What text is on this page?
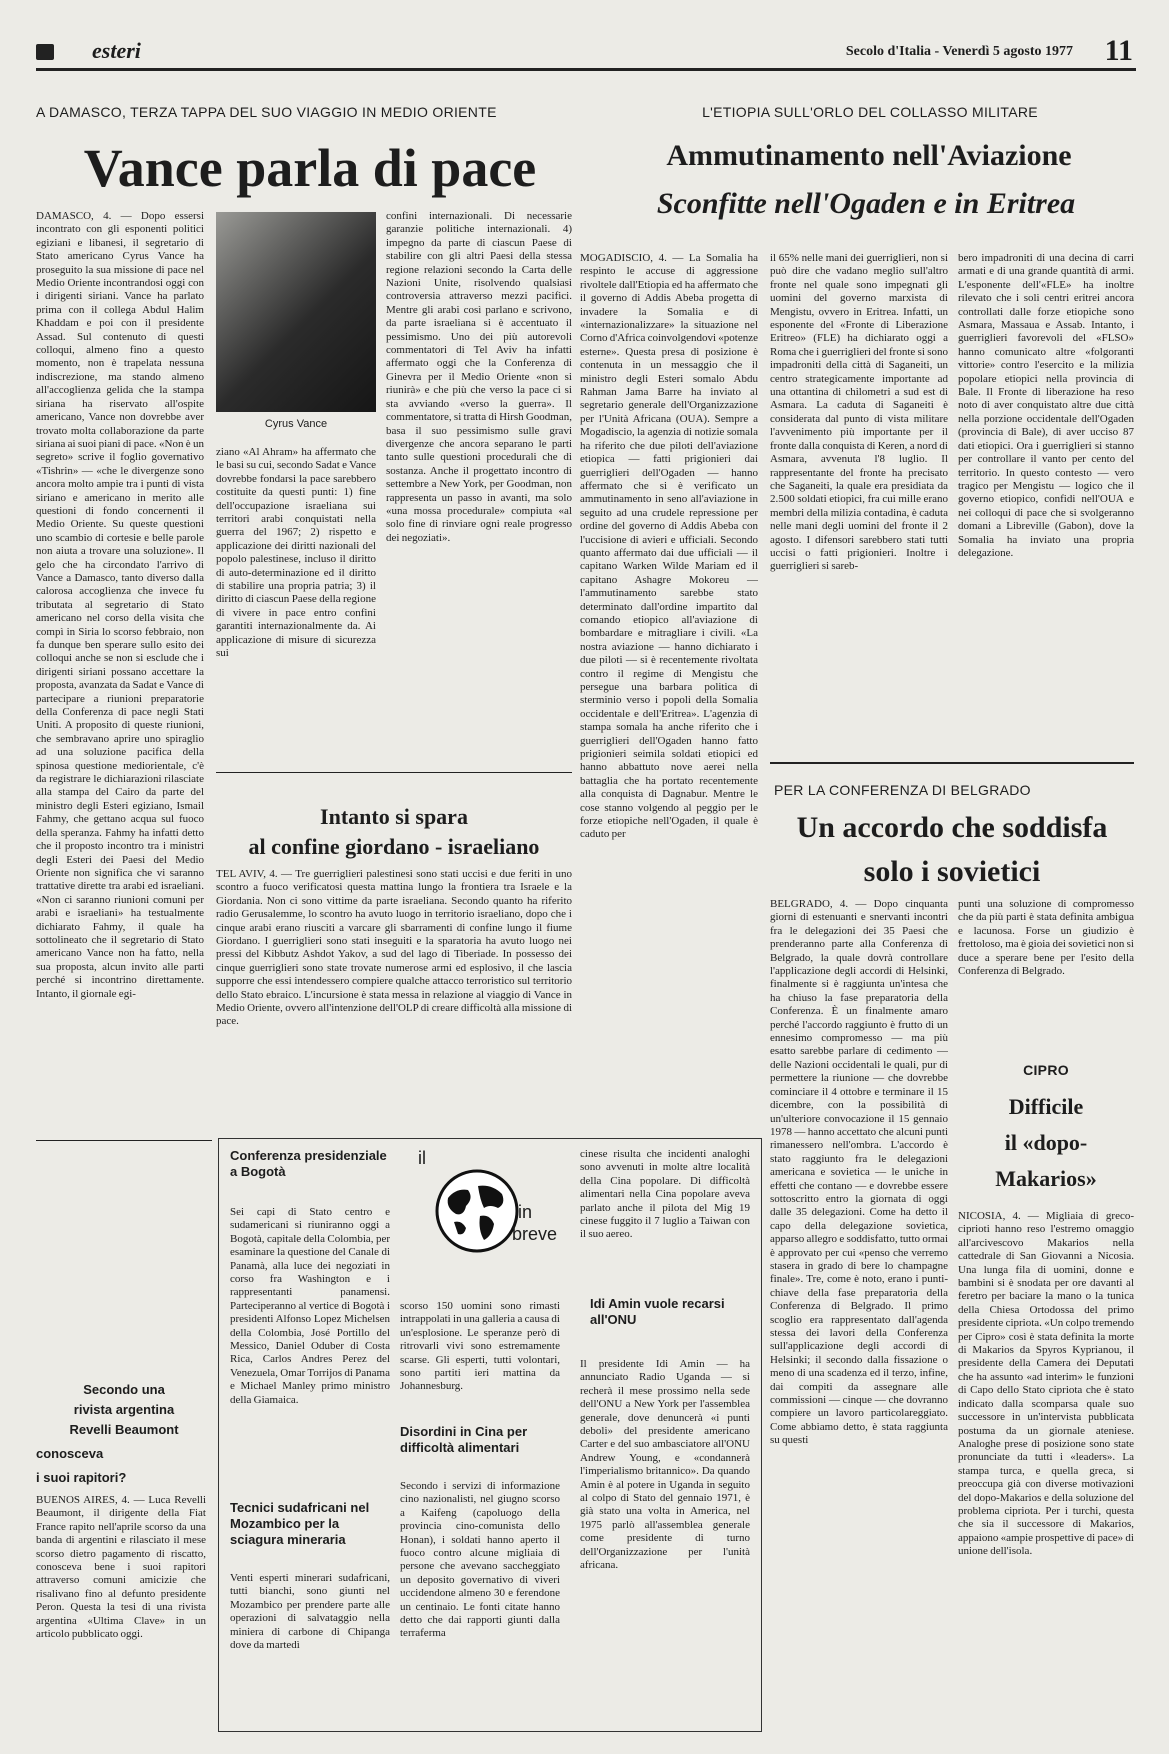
esteri	Secolo d'Italia - Venerdì 5 agosto 1977 11
A DAMASCO, TERZA TAPPA DEL SUO VIAGGIO IN MEDIO ORIENTE
Vance parla di pace
DAMASCO, 4. — Dopo essersi incontrato con gli esponenti politici egiziani e libanesi, il segretario di Stato americano Cyrus Vance ha proseguito la sua missione di pace nel Medio Oriente incontrandosi oggi con i dirigenti siriani. Vance ha parlato prima con il collega Abdul Halim Khaddam e poi con il presidente Assad. Sul contenuto di questi colloqui, almeno fino a questo momento, non è trapelata nessuna indiscrezione, ma stando almeno all'accoglienza gelida che la stampa siriana ha riservato all'ospite americano, Vance non dovrebbe aver trovato molta collaborazione da parte siriana ai suoi piani di pace. «Non è un segreto» scrive il foglio governativo «Tishrin» — «che le divergenze sono ancora molto ampie tra i punti di vista siriano e americano in merito alle questioni di fondo concernenti il Medio Oriente. Su queste questioni uno scambio di cortesie e belle parole non aiuta a trovare una soluzione». Il gelo che ha circondato l'arrivo di Vance a Damasco, tanto diverso dalla calorosa accoglienza che invece fu tributata al segretario di Stato americano nel corso della visita che compì in Siria lo scorso febbraio, non fa dunque ben sperare sullo esito dei colloqui anche se non si esclude che i dirigenti siriani possano accettare la proposta, avanzata da Sadat e Vance di partecipare a riunioni preparatorie della Conferenza di pace negli Stati Uniti. A proposito di queste riunioni, che sembravano aprire uno spiraglio ad una soluzione pacifica della spinosa questione mediorientale, c'è da registrare le dichiarazioni rilasciate alla stampa del Cairo da parte del ministro degli Esteri egiziano, Ismail Fahmy, che gettano acqua sul fuoco della speranza. Fahmy ha infatti detto che il proposto incontro tra i ministri degli Esteri dei Paesi del Medio Oriente non significa che vi saranno trattative dirette tra arabi ed israeliani. «Non ci saranno riunioni comuni per arabi e israeliani» ha testualmente dichiarato Fahmy, il quale ha sottolineato che il segretario di Stato americano Vance non ha fatto, nella sua proposta, alcun invito alle parti perché si incontrino direttamente. Intanto, il giornale egi-
Cyrus Vance
ziano «Al Ahram» ha affermato che le basi su cui, secondo Sadat e Vance dovrebbe fondarsi la pace sarebbero costituite da questi punti: 1) fine dell'occupazione israeliana sui territori arabi conquistati nella guerra del 1967; 2) rispetto e applicazione dei diritti nazionali del popolo palestinese, incluso il diritto di auto-determinazione ed il diritto di stabilire una propria patria; 3) il diritto di ciascun Paese della regione di vivere in pace entro confini garantiti internazionalmente da. Ai applicazione di misure di sicurezza sui
confini internazionali. Di necessarie garanzie politiche internazionali. 4) impegno da parte di ciascun Paese di stabilire con gli altri Paesi della stessa regione relazioni secondo la Carta delle Nazioni Unite, risolvendo qualsiasi controversia attraverso mezzi pacifici. Mentre gli arabi così parlano e scrivono, da parte israeliana si è accentuato il pessimismo. Uno dei più autorevoli commentatori di Tel Aviv ha infatti affermato oggi che la Conferenza di Ginevra per il Medio Oriente «non si riunirà» e che più che verso la pace ci si sta avviando «verso la guerra». Il commentatore, si tratta di Hirsh Goodman, basa il suo pessimismo sulle gravi divergenze che ancora separano le parti tanto sulle questioni procedurali che di sostanza. Anche il progettato incontro di settembre a New York, per Goodman, non rappresenta un passo in avanti, ma solo «una mossa procedurale» compiuta «al solo fine di rinviare ogni reale progresso dei negoziati».
Intanto si spara
al confine giordano - israeliano
TEL AVIV, 4. — Tre guerriglieri palestinesi sono stati uccisi e due feriti in uno scontro a fuoco verificatosi questa mattina lungo la frontiera tra Israele e la Giordania. Non ci sono vittime da parte israeliana. Secondo quanto ha riferito radio Gerusalemme, lo scontro ha avuto luogo in territorio israeliano, dopo che i cinque arabi erano riusciti a varcare gli sbarramenti di confine lungo il fiume Giordano. I guerriglieri sono stati inseguiti e la sparatoria ha avuto luogo nei pressi del Kibbutz Ashdot Yakov, a sud del lago di Tiberiade. In possesso dei cinque guerriglieri sono state trovate numerose armi ed esplosivo, il che lascia supporre che essi intendessero compiere qualche attacco terroristico sul territorio dello Stato ebraico. L'incursione è stata messa in relazione al viaggio di Vance in Medio Oriente, ovvero all'intenzione dell'OLP di creare difficoltà alla missione di pace.
Secondo una
rivista argentina
Revelli Beaumont
conosceva
i suoi rapitori?
BUENOS AIRES, 4. — Luca Revelli Beaumont, il dirigente della Fiat France rapito nell'aprile scorso da una banda di argentini e rilasciato il mese scorso dietro pagamento di riscatto, conosceva bene i suoi rapitori attraverso comuni amicizie che risalivano fino al defunto presidente Peron. Questa la tesi di una rivista argentina «Ultima Clave» in un articolo pubblicato oggi.
Conferenza presidenziale a Bogotà
Sei capi di Stato centro e sudamericani si riuniranno oggi a Bogotà, capitale della Colombia, per esaminare la questione del Canale di Panamà, alla luce dei negoziati in corso fra Washington e i rappresentanti panamensi. Parteciperanno al vertice di Bogotà i presidenti Alfonso Lopez Michelsen della Colombia, José Portillo del Messico, Daniel Oduber di Costa Rica, Carlos Andres Perez del Venezuela, Omar Torrijos di Panama e Michael Manley primo ministro della Giamaica.
Tecnici sudafricani nel Mozambico per la sciagura mineraria
Venti esperti minerari sudafricani, tutti bianchi, sono giunti nel Mozambico per prendere parte alle operazioni di salvataggio nella miniera di carbone di Chipanga dove da martedì
il
in
breve
scorso 150 uomini sono rimasti intrappolati in una galleria a causa di un'esplosione. Le speranze però di ritrovarli vivi sono estremamente scarse. Gli esperti, tutti volontari, sono partiti ieri mattina da Johannesburg.
Disordini in Cina per difficoltà alimentari
Secondo i servizi di informazione cino nazionalisti, nel giugno scorso a Kaifeng (capoluogo della provincia cino-comunista dello Honan), i soldati hanno aperto il fuoco contro alcune migliaia di persone che avevano saccheggiato un deposito governativo di viveri uccidendone almeno 30 e ferendone un centinaio. Le fonti citate hanno detto che dai rapporti giunti dalla terraferma
cinese risulta che incidenti analoghi sono avvenuti in molte altre località della Cina popolare. Di difficoltà alimentari nella Cina popolare aveva parlato anche il pilota del Mig 19 cinese fuggito il 7 luglio a Taiwan con il suo aereo.
Idi Amin vuole recarsi all'ONU
Il presidente Idi Amin — ha annunciato Radio Uganda — si recherà il mese prossimo nella sede dell'ONU a New York per l'assemblea generale, dove denuncerà «i punti deboli» del presidente americano Carter e del suo ambasciatore all'ONU Andrew Young, e «condannerà l'imperialismo britannico». Da quando Amin è al potere in Uganda in seguito al colpo di Stato del gennaio 1971, è già stato una volta in America, nel 1975 parlò all'assemblea generale come presidente di turno dell'Organizzazione per l'unità africana.
L'ETIOPIA SULL'ORLO DEL COLLASSO MILITARE
Ammutinamento nell'Aviazione
Sconfitte nell'Ogaden e in Eritrea
MOGADISCIO, 4. — La Somalia ha respinto le accuse di aggressione rivoltele dall'Etiopia ed ha affermato che il governo di Addis Abeba progetta di invadere la Somalia e di «internazionalizzare» la situazione nel Corno d'Africa coinvolgendovi «potenze esterne». Questa presa di posizione è contenuta in un messaggio che il ministro degli Esteri somalo Abdu Rahman Jama Barre ha inviato al segretario generale dell'Organizzazione per l'Unità Africana (OUA). Sempre a Mogadiscio, la agenzia di notizie somala ha riferito che due piloti dell'aviazione etiopica — fatti prigionieri dai guerriglieri dell'Ogaden — hanno affermato che si è verificato un ammutinamento in seno all'aviazione in seguito ad una crudele repressione per ordine del governo di Addis Abeba con l'uccisione di avieri e ufficiali. Secondo quanto affermato dai due ufficiali — il capitano Warken Wilde Mariam ed il capitano Ashagre Mokoreu — l'ammutinamento sarebbe stato determinato dall'ordine impartito dal comando etiopico all'aviazione di bombardare e mitragliare i civili. «La nostra aviazione — hanno dichiarato i due piloti — si è recentemente rivoltata contro il regime di Mengistu che persegue una barbara politica di sterminio verso i popoli della Somalia occidentale e dell'Eritrea». L'agenzia di stampa somala ha anche riferito che i guerriglieri dell'Ogaden hanno fatto prigionieri seimila soldati etiopici ed hanno abbattuto nove aerei nella battaglia che ha portato recentemente alla conquista di Dagnabur. Mentre le cose stanno volgendo al peggio per le forze etiopiche nell'Ogaden, il quale è caduto per
il 65% nelle mani dei guerriglieri, non si può dire che vadano meglio sull'altro fronte nel quale sono impegnati gli uomini del governo marxista di Mengistu, ovvero in Eritrea. Infatti, un esponente del «Fronte di Liberazione Eritreo» (FLE) ha dichiarato oggi a Roma che i guerriglieri del fronte si sono impadroniti della città di Saganeiti, un centro strategicamente importante ad una ottantina di chilometri a sud est di Asmara. La caduta di Saganeiti è considerata dal punto di vista militare l'avvenimento più importante per il fronte dalla conquista di Keren, a nord di Asmara, avvenuta l'8 luglio. Il rappresentante del fronte ha precisato che Saganeiti, la quale era presidiata da 2.500 soldati etiopici, fra cui mille erano membri della milizia contadina, è caduta nelle mani degli uomini del fronte il 2 agosto. I difensori sarebbero stati tutti uccisi o fatti prigionieri. Inoltre i guerriglieri si sareb-
bero impadroniti di una decina di carri armati e di una grande quantità di armi. L'esponente dell'«FLE» ha inoltre rilevato che i soli centri eritrei ancora controllati dalle forze etiopiche sono Asmara, Massaua e Assab. Intanto, i guerriglieri favorevoli del «FLSO» hanno comunicato altre «folgoranti vittorie» contro l'esercito e la milizia popolare etiopici nella provincia di Bale. Il Fronte di liberazione ha reso noto di aver conquistato altre due città nella porzione occidentale dell'Ogaden (provincia di Bale), di aver ucciso 87 dati etiopici. Ora i guerriglieri si stanno per controllare il vanto per cento del territorio. In questo contesto — vero tragico per Mengistu — logico che il governo etiopico, confidi nell'OUA e nei colloqui di pace che si svolgeranno domani a Libreville (Gabon), dove la Somalia ha inviato una propria delegazione.
PER LA CONFERENZA DI BELGRADO
Un accordo che soddisfa
solo i sovietici
BELGRADO, 4. — Dopo cinquanta giorni di estenuanti e snervanti incontri fra le delegazioni dei 35 Paesi che prenderanno parte alla Conferenza di Belgrado, la quale dovrà controllare l'applicazione degli accordi di Helsinki, finalmente si è raggiunta un'intesa che ha chiuso la fase preparatoria della Conferenza. È un finalmente amaro perché l'accordo raggiunto è frutto di un ennesimo compromesso — ma più esatto sarebbe parlare di cedimento — delle Nazioni occidentali le quali, pur di permettere la riunione — che dovrebbe cominciare il 4 ottobre e terminare il 15 dicembre, con la possibilità di un'ulteriore convocazione il 15 gennaio 1978 — hanno accettato che alcuni punti rimanessero nell'ombra. L'accordo è stato raggiunto fra le delegazioni americana e sovietica — le uniche in effetti che contano — e dovrebbe essere sottoscritto entro la giornata di oggi dalle 35 delegazioni. Come ha detto il capo della delegazione sovietica, apparso allegro e soddisfatto, tutto ormai è approvato per cui «penso che verremo stasera in grado di bere lo champagne finale». Tre, come è noto, erano i punti-chiave della fase preparatoria della Conferenza di Belgrado. Il primo scoglio era rappresentato dall'agenda stessa dei lavori della Conferenza sull'applicazione degli accordi di Helsinki; il secondo dalla fissazione o meno di una scadenza ed il terzo, infine, dai compiti da assegnare alle commissioni — cinque — che dovranno compiere un lavoro particolareggiato. Come abbiamo detto, è stata raggiunta su questi
punti una soluzione di compromesso che da più parti è stata definita ambigua e lacunosa. Forse un giudizio è frettoloso, ma è gioia dei sovietici non si duce a sperare bene per l'esito della Conferenza di Belgrado.
CIPRO
Difficile
il «dopo-
Makarios»
NICOSIA, 4. — Migliaia di greco-ciprioti hanno reso l'estremo omaggio all'arcivescovo Makarios nella cattedrale di San Giovanni a Nicosia. Una lunga fila di uomini, donne e bambini si è snodata per ore davanti al feretro per baciare la mano o la tunica della Chiesa Ortodossa del primo presidente cipriota. «Un colpo tremendo per Cipro» così è stata definita la morte di Makarios da Spyros Kyprianou, il presidente della Camera dei Deputati che ha assunto «ad interim» le funzioni di Capo dello Stato cipriota che è stato indicato dalla scomparsa quale suo successore in un'intervista pubblicata postuma da un giornale ateniese. Analoghe prese di posizione sono state pronunciate da tutti i «leaders». La stampa turca, e quella greca, si preoccupa già con diverse motivazioni del dopo-Makarios e della soluzione del problema cipriota. Per i turchi, questa che sia il successore di Makarios, appaiono «ampie prospettive di pace» di unione dell'isola.
